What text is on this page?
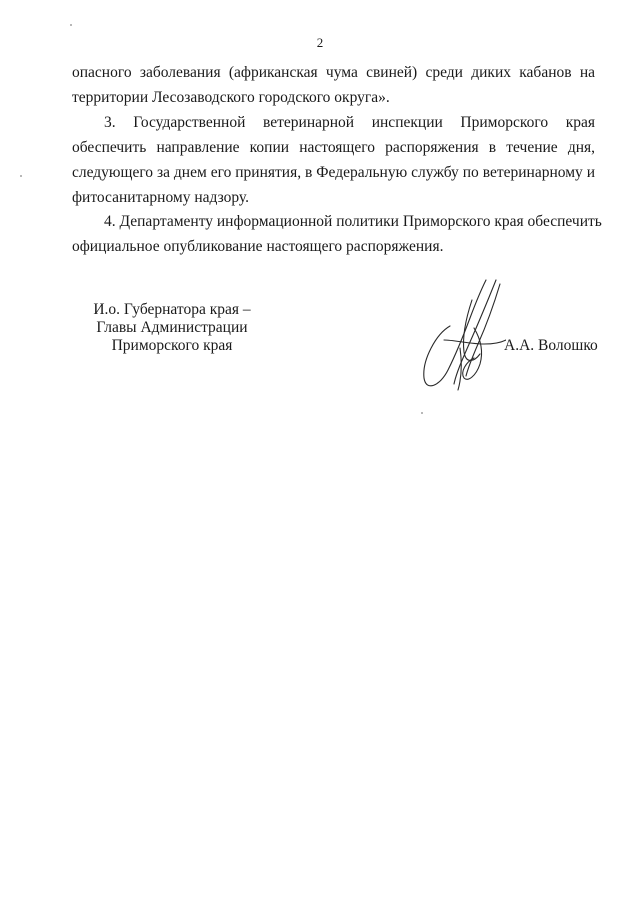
2
опасного заболевания (африканская чума свиней) среди диких кабанов на
территории Лесозаводского городского округа».
3. Государственной ветеринарной инспекции Приморского края
обеспечить направление копии настоящего распоряжения в течение дня,
следующего за днем его принятия, в Федеральную службу по ветеринарному и
фитосанитарному надзору.
4. Департаменту информационной политики Приморского края обеспечить
официальное опубликование настоящего распоряжения.
И.о. Губернатора края –
Главы Администрации
Приморского края	А.А. Волошко
